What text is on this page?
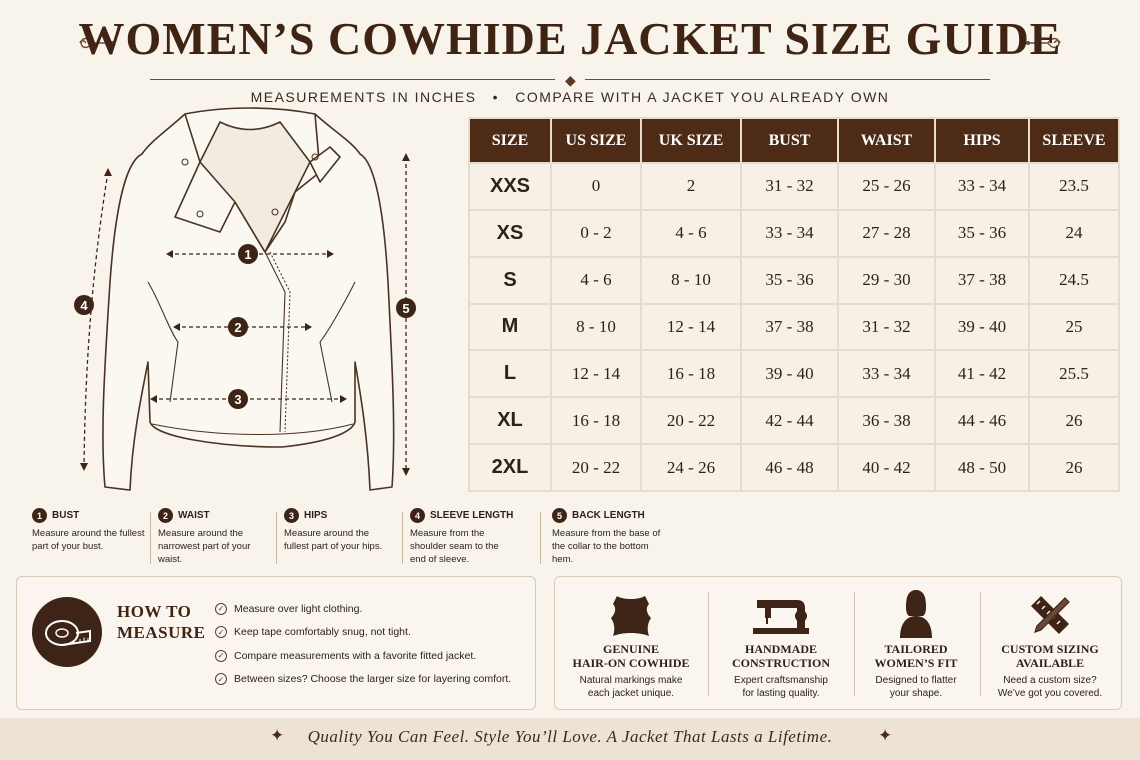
WOMEN’S COWHIDE JACKET SIZE GUIDE
◆
MEASUREMENTS IN INCHES   •   COMPARE WITH A JACKET YOU ALREADY OWN
1
2
3
4	5
SIZE	US SIZE	UK SIZE	BUST	WAIST	HIPS	SLEEVE
XXS	0	2	31 - 32	25 - 26	33 - 34	23.5
XS	0 - 2	4 - 6	33 - 34	27 - 28	35 - 36	24
S	4 - 6	8 - 10	35 - 36	29 - 30	37 - 38	24.5
M	8 - 10	12 - 14	37 - 38	31 - 32	39 - 40	25
L	12 - 14	16 - 18	39 - 40	33 - 34	41 - 42	25.5
XL	16 - 18	20 - 22	42 - 44	36 - 38	44 - 46	26
2XL	20 - 22	24 - 26	46 - 48	40 - 42	48 - 50	26
1	BUST
Measure around the fullest part of your bust.
2	WAIST
Measure around the narrowest part of your waist.
3	HIPS
Measure around the fullest part of your hips.
4	SLEEVE LENGTH
Measure from the shoulder seam to the end of sleeve.
5	BACK LENGTH
Measure from the base of the collar to the bottom hem.
HOW TO
MEASURE
✓ Measure over light clothing.
✓ Keep tape comfortably snug, not tight.
✓ Compare measurements with a favorite fitted jacket.
✓ Between sizes? Choose the larger size for layering comfort.
GENUINE
HAIR-ON COWHIDE
Natural markings make
each jacket unique.
HANDMADE
CONSTRUCTION
Expert craftsmanship
for lasting quality.
TAILORED
WOMEN’S FIT
Designed to flatter
your shape.
CUSTOM SIZING
AVAILABLE
Need a custom size?
We’ve got you covered.
✦	Quality You Can Feel. Style You’ll Love. A Jacket That Lasts a Lifetime.	✦
